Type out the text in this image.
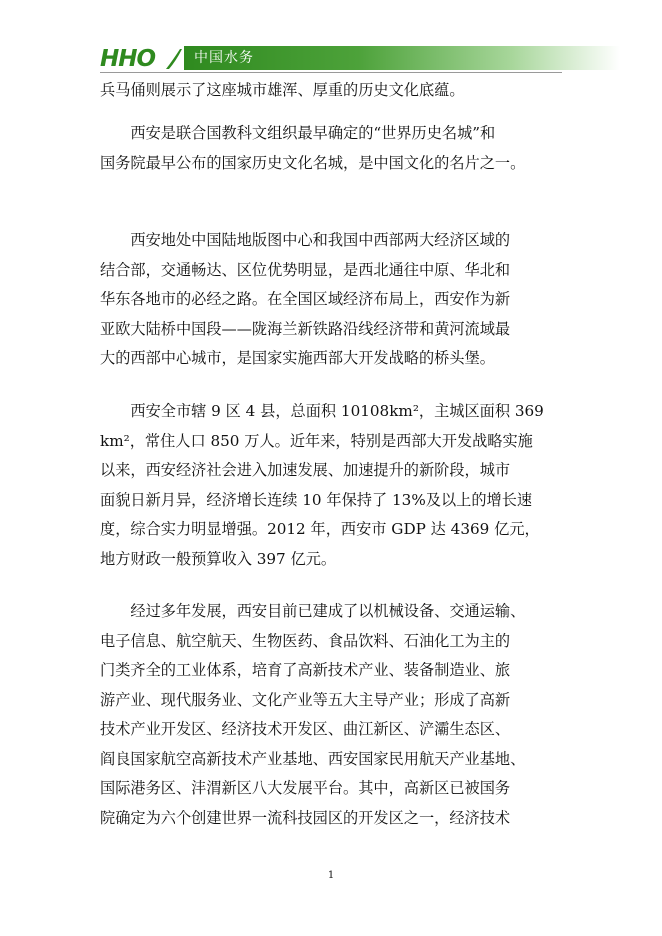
HHO	中国水务

兵马俑则展示了这座城市雄浑、厚重的历史文化底蕴。

　　西安是联合国教科文组织最早确定的“世界历史名城”和
国务院最早公布的国家历史文化名城，是中国文化的名片之一。

　　西安地处中国陆地版图中心和我国中西部两大经济区域的
结合部，交通畅达、区位优势明显，是西北通往中原、华北和
华东各地市的必经之路。在全国区域经济布局上，西安作为新
亚欧大陆桥中国段——陇海兰新铁路沿线经济带和黄河流域最
大的西部中心城市，是国家实施西部大开发战略的桥头堡。

　　西安全市辖 9 区 4 县，总面积 10108km²，主城区面积 369
km²，常住人口 850 万人。近年来，特别是西部大开发战略实施
以来，西安经济社会进入加速发展、加速提升的新阶段，城市
面貌日新月异，经济增长连续 10 年保持了 13%及以上的增长速
度，综合实力明显增强。2012 年，西安市 GDP 达 4369 亿元，
地方财政一般预算收入 397 亿元。

　　经过多年发展，西安目前已建成了以机械设备、交通运输、
电子信息、航空航天、生物医药、食品饮料、石油化工为主的
门类齐全的工业体系，培育了高新技术产业、装备制造业、旅
游产业、现代服务业、文化产业等五大主导产业；形成了高新
技术产业开发区、经济技术开发区、曲江新区、浐灞生态区、
阎良国家航空高新技术产业基地、西安国家民用航天产业基地、
国际港务区、沣渭新区八大发展平台。其中，高新区已被国务
院确定为六个创建世界一流科技园区的开发区之一，经济技术

1
